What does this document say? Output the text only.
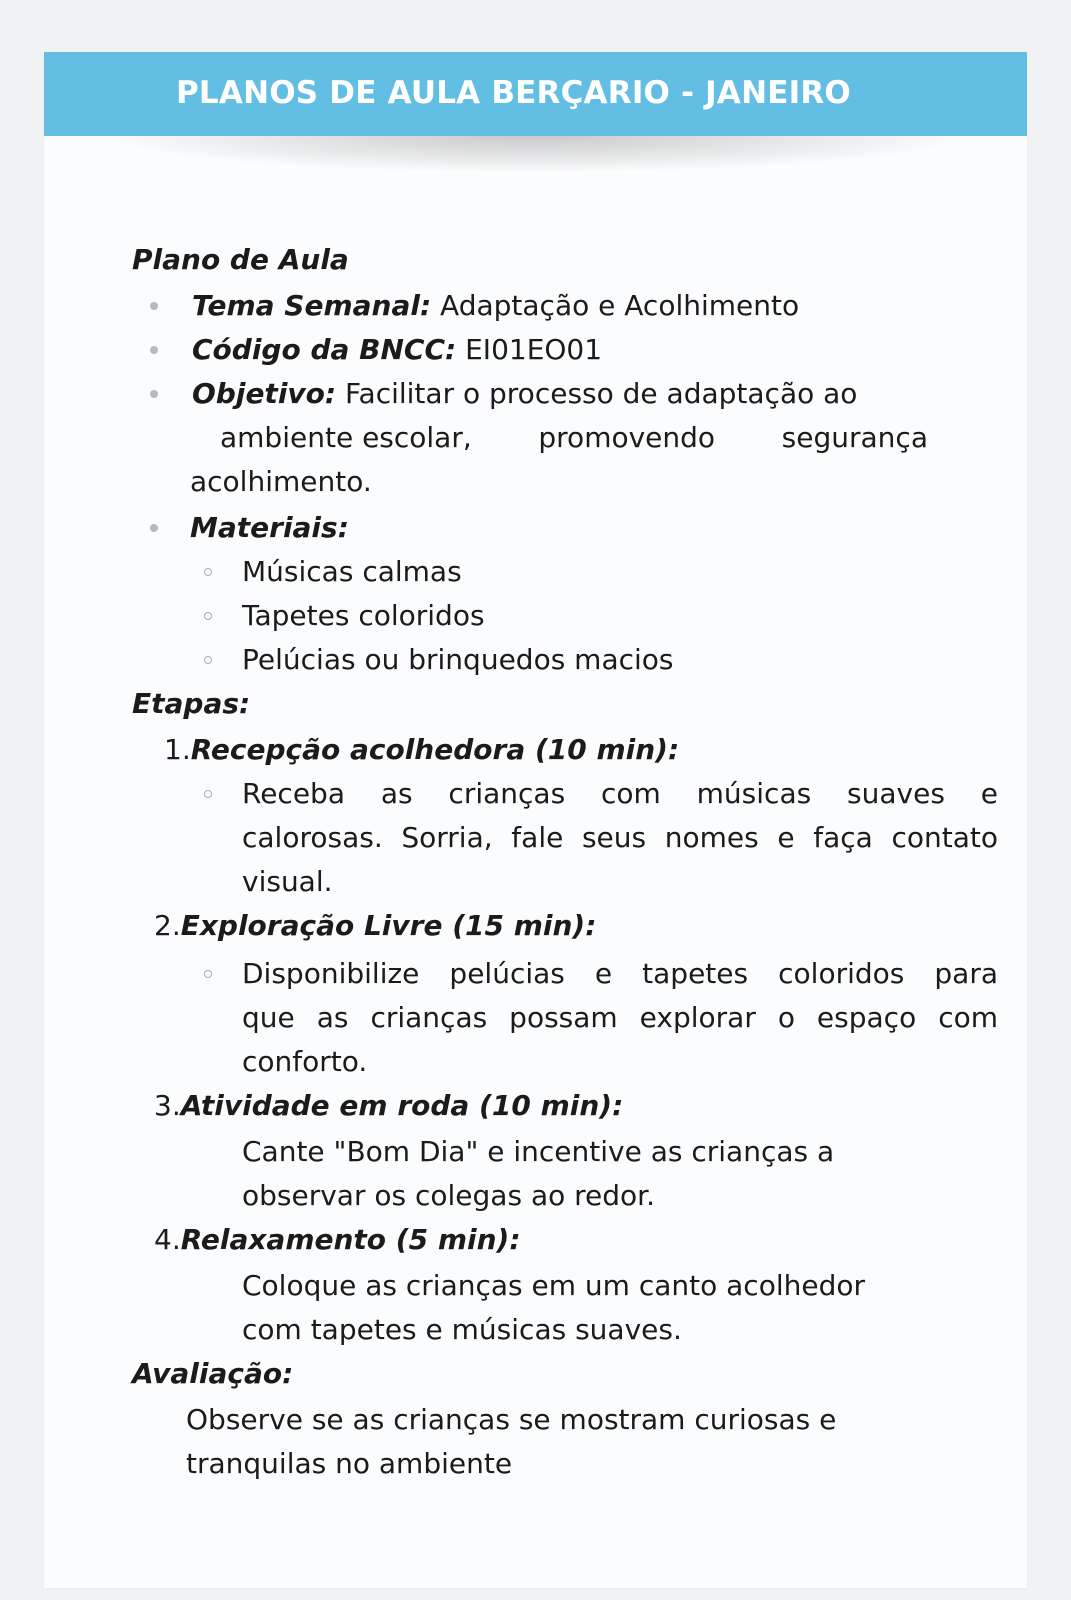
PLANOS DE AULA BERÇARIO - JANEIRO
Plano de Aula
Tema Semanal: Adaptação e Acolhimento
Código da BNCC: EI01EO01
Objetivo: Facilitar o processo de adaptação ao
ambiente escolar, promovendo segurança
acolhimento.
Materiais:
Músicas calmas
Tapetes coloridos
Pelúcias ou brinquedos macios
Etapas:
1.Recepção acolhedora (10 min):
Receba as crianças com músicas suaves e
calorosas. Sorria, fale seus nomes e faça contato
visual.
2.Exploração Livre (15 min):
Disponibilize pelúcias e tapetes coloridos para
que as crianças possam explorar o espaço com
conforto.
3.Atividade em roda (10 min):
Cante "Bom Dia" e incentive as crianças a
observar os colegas ao redor.
4.Relaxamento (5 min):
Coloque as crianças em um canto acolhedor
com tapetes e músicas suaves.
Avaliação:
Observe se as crianças se mostram curiosas e
tranquilas no ambiente
